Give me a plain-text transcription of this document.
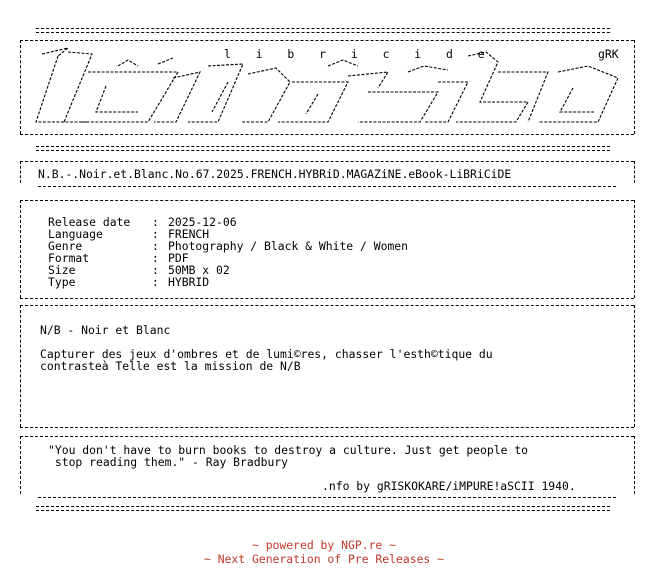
l i b r i c i d e	gRK
N.B.-.Noir.et.Blanc.No.67.2025.FRENCH.HYBRiD.MAGAZiNE.eBook-LiBRiCiDE
Release date : 2025-12-06
Language	: FRENCH
Genre	: Photography / Black & White / Women
Format	: PDF
Size	: 50MB x 02
Type	: HYBRID
N/B - Noir et Blanc
Capturer des jeux d'ombres et de lumi©res, chasser l'esth©tique du
contrasteà Telle est la mission de N/B
"You don't have to burn books to destroy a culture. Just get people to
stop reading them." - Ray Bradbury
.nfo by gRISKOKARE/iMPURE!aSCII 1940.
~ powered by NGP.re ~
~ Next Generation of Pre Releases ~
